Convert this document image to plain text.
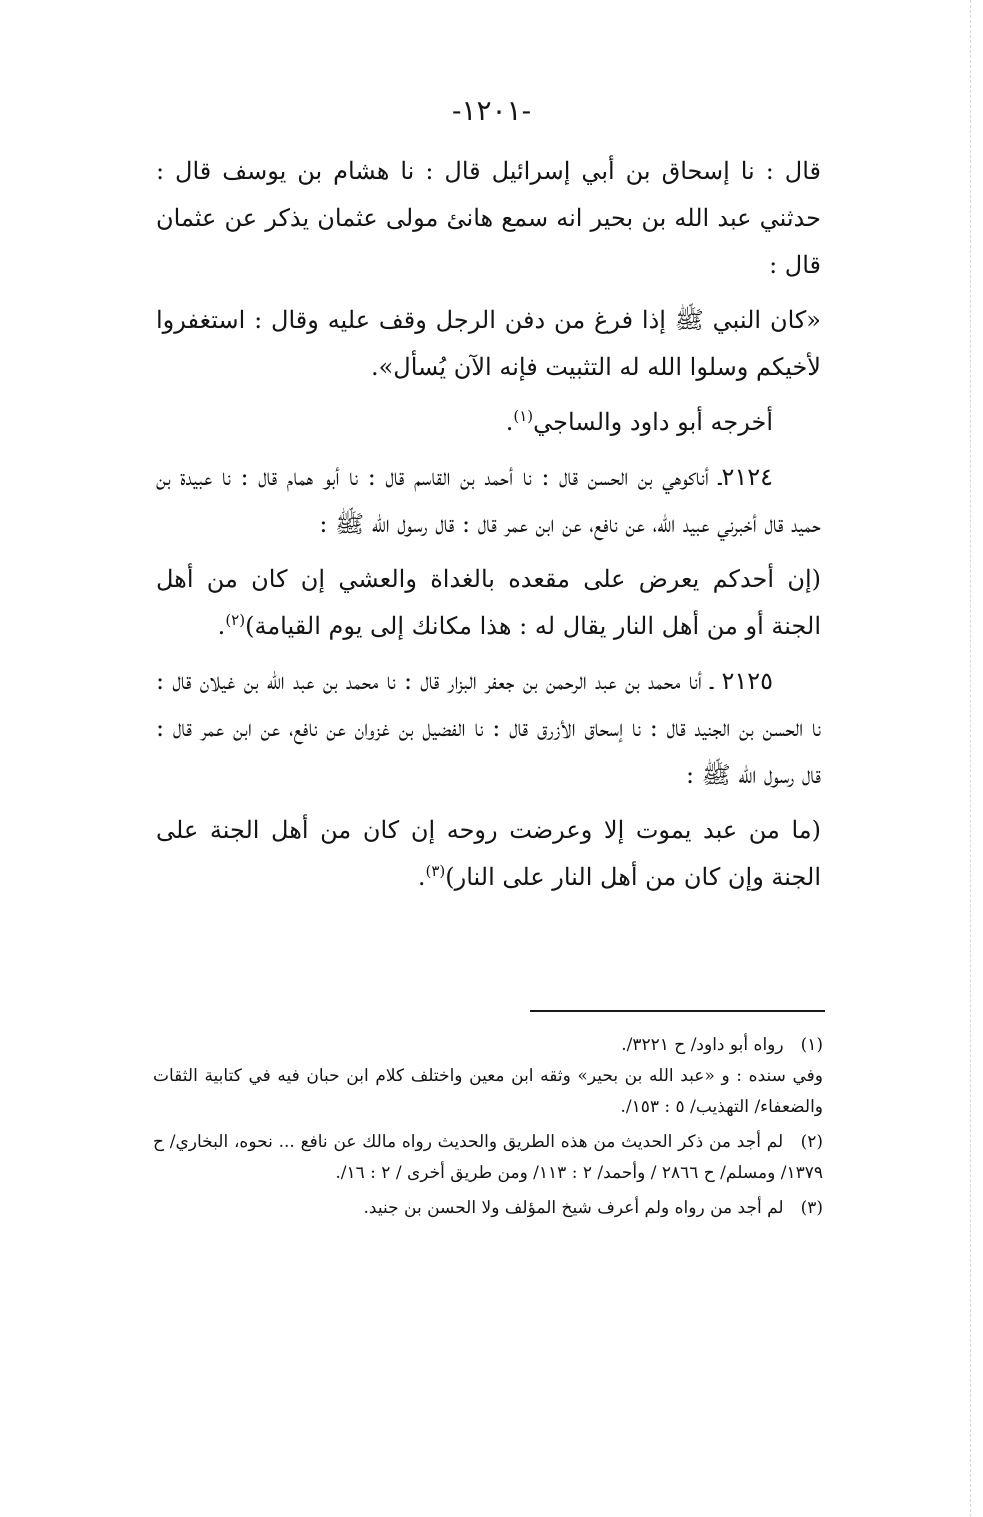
-١٢٠١-

قال : نا إسحاق بن أبي إسرائيل قال : نا هشام بن يوسف قال : حدثني عبد الله بن بحير انه سمع هانئ مولى عثمان يذكر عن عثمان قال :

«كان النبي ﷺ إذا فرغ من دفن الرجل وقف عليه وقال : استغفروا لأخيكم وسلوا الله له التثبيت فإنه الآن يُسأل».

أخرجه أبو داود والساجي$^{(١)}$.

٢١٢٤ـ أناكوهي بن الحسن قال : نا أحمد بن القاسم قال : نا أبو همام قال : نا عبيدة بن حميد قال أخبرني عبيد الله، عن نافع، عن ابن عمر قال : قال رسول الله ﷺ :

(إن أحدكم يعرض على مقعده بالغداة والعشي إن كان من أهل الجنة أو من أهل النار يقال له : هذا مكانك إلى يوم القيامة)$^{(٢)}$.

٢١٢٥ ـ أنا محمد بن عبد الرحمن بن جعفر البزار قال : نا محمد بن عبد الله بن غيلان قال : نا الحسن بن الجنيد قال : نا إسحاق الأزرق قال : نا الفضيل بن غزوان عن نافع، عن ابن عمر قال : قال رسول الله ﷺ :

(ما من عبد يموت إلا وعرضت روحه إن كان من أهل الجنة على الجنة وإن كان من أهل النار على النار)$^{(٣)}$.

(١) رواه أبو داود/ ح ٣٢٢١/.

وفي سنده : و «عبد الله بن بحير» وثقه ابن معين واختلف كلام ابن حبان فيه في كتابية الثقات والضعفاء/ التهذيب/ ٥ : ١٥٣/.

(٢) لم أجد من ذكر الحديث من هذه الطريق والحديث رواه مالك عن نافع ... نحوه، البخاري/ ح ١٣٧٩/ ومسلم/ ح ٢٨٦٦ / وأحمد/ ٢ : ١١٣/ ومن طريق أخرى / ٢ : ١٦/.
(٣) لم أجد من رواه ولم أعرف شيخ المؤلف ولا الحسن بن جنيد.
